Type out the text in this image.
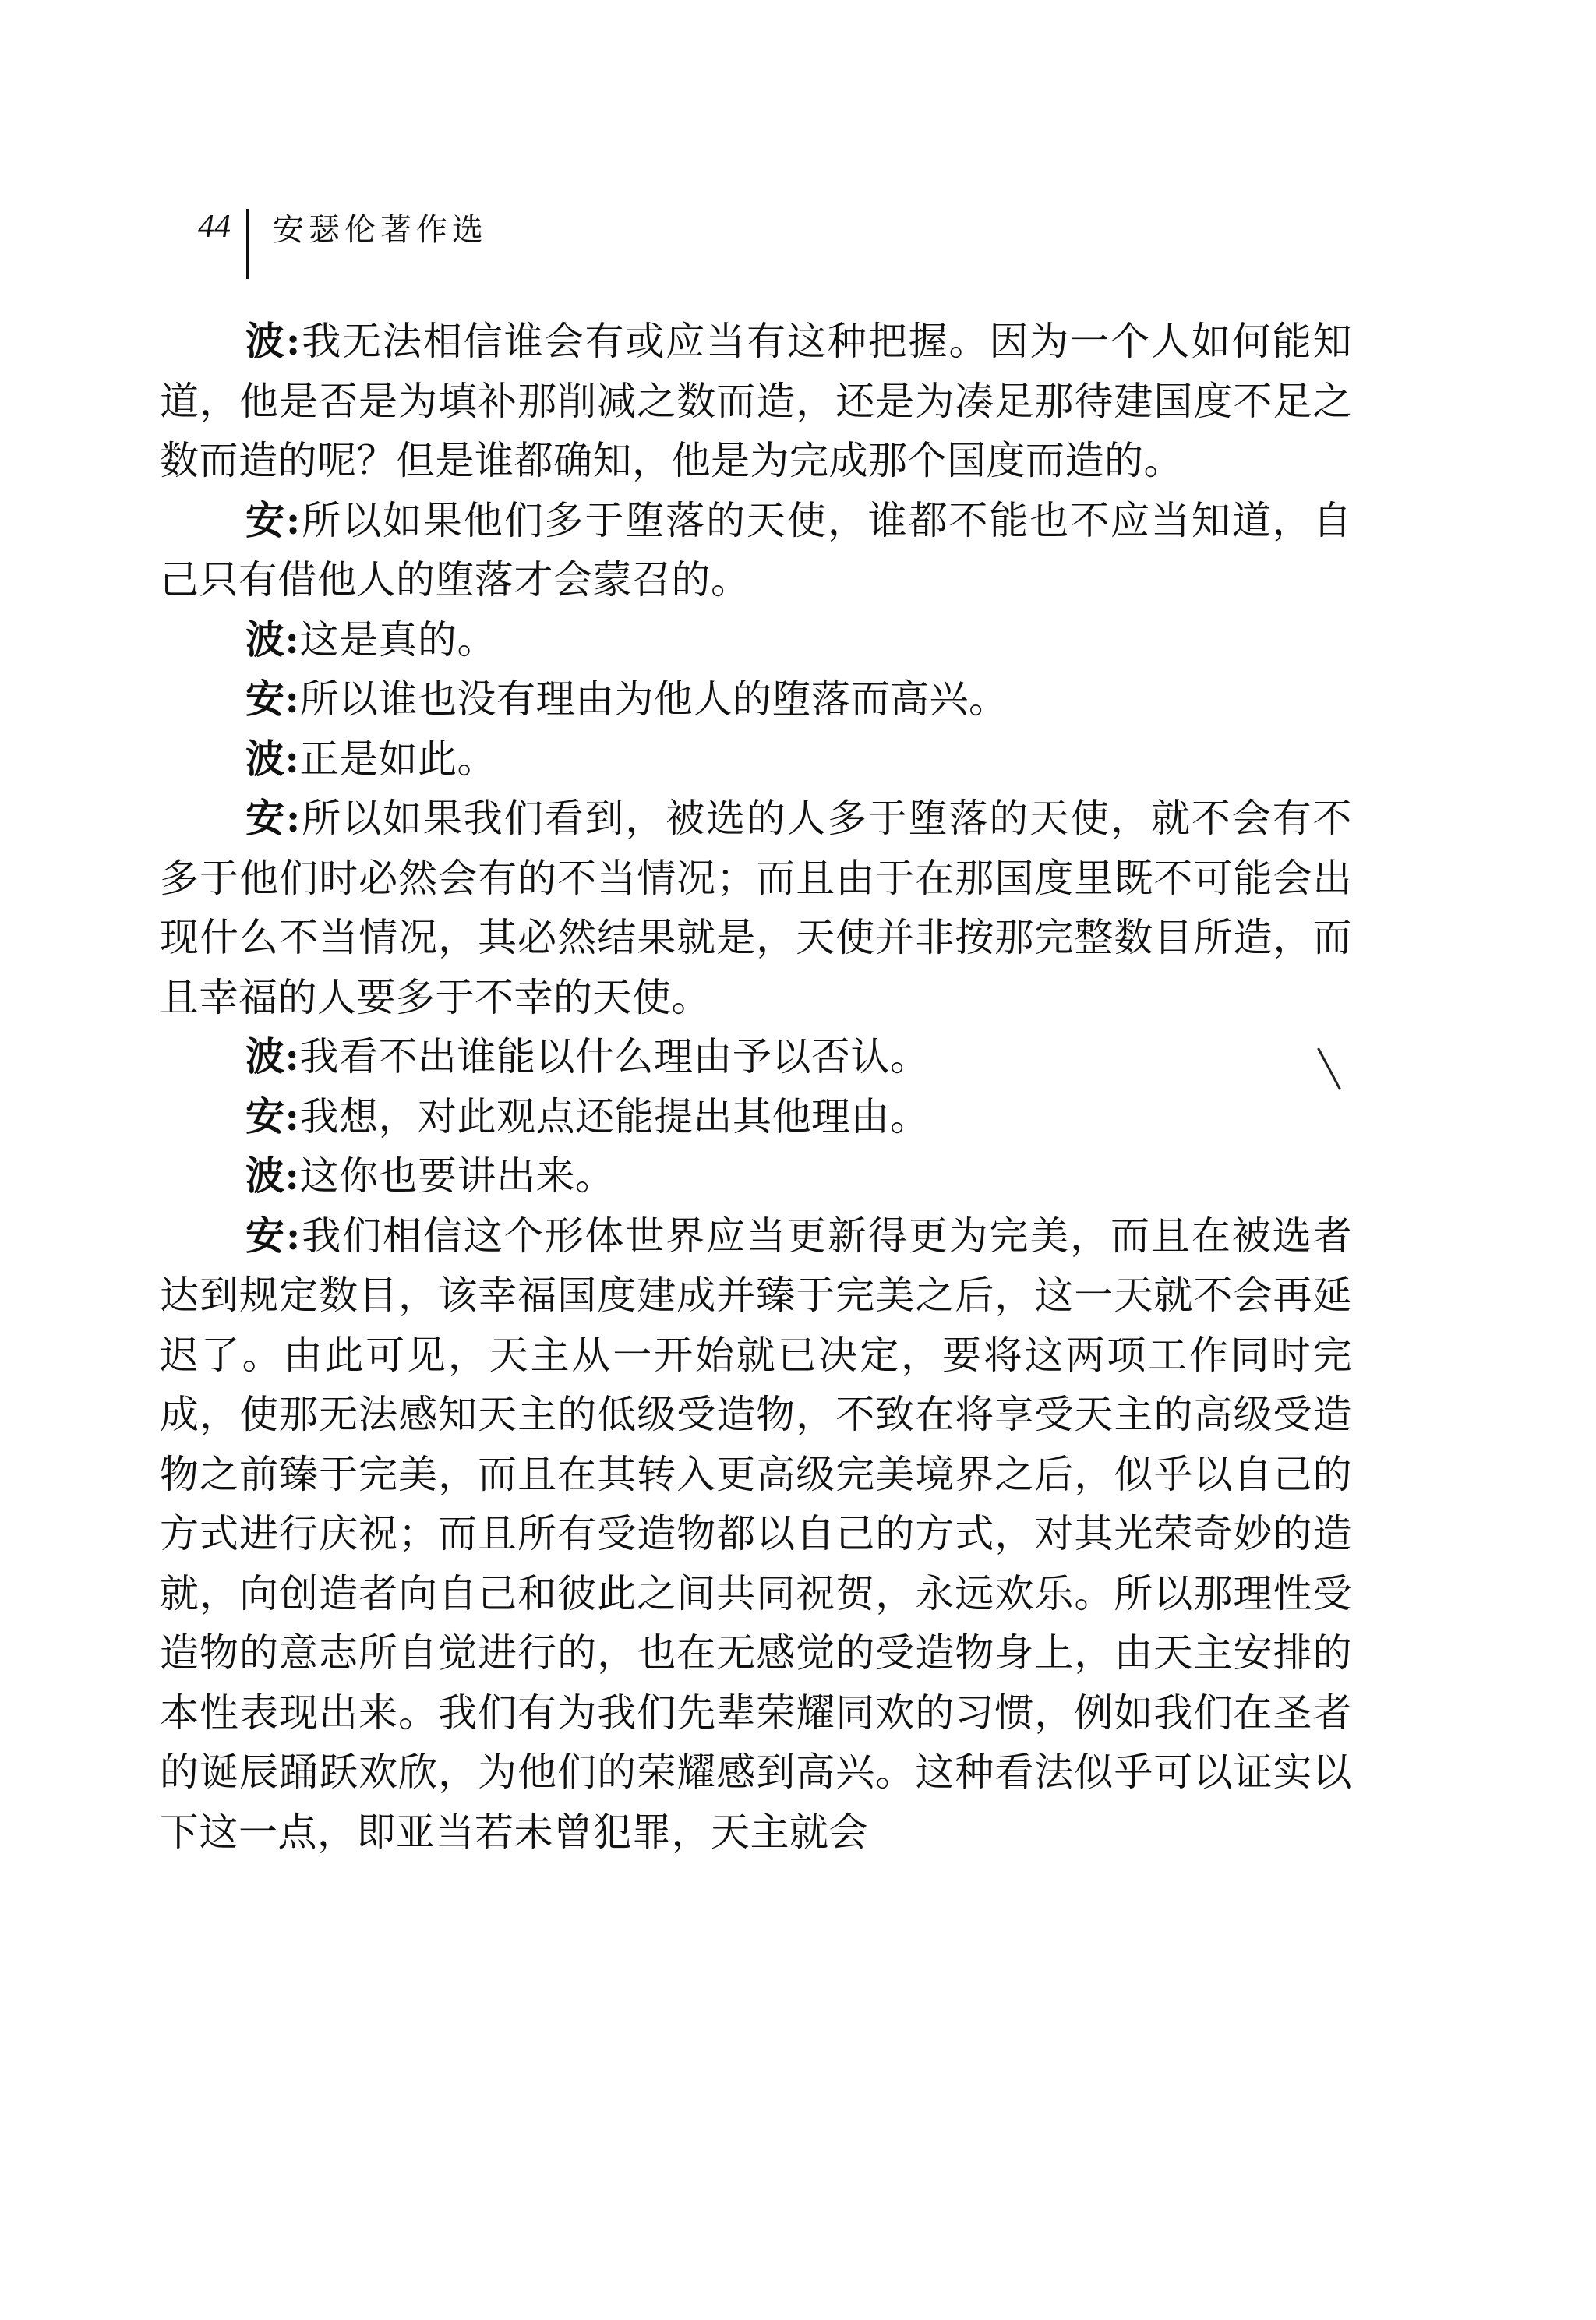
44 安瑟伦著作选

波:我无法相信谁会有或应当有这种把握。因为一个人如何能知道，他是否是为填补那削减之数而造，还是为凑足那待建国度不足之数而造的呢？但是谁都确知，他是为完成那个国度而造的。

安:所以如果他们多于堕落的天使，谁都不能也不应当知道，自己只有借他人的堕落才会蒙召的。

波:这是真的。

安:所以谁也没有理由为他人的堕落而高兴。

波:正是如此。

安:所以如果我们看到，被选的人多于堕落的天使，就不会有不多于他们时必然会有的不当情况；而且由于在那国度里既不可能会出现什么不当情况，其必然结果就是，天使并非按那完整数目所造，而且幸福的人要多于不幸的天使。

波:我看不出谁能以什么理由予以否认。

安:我想，对此观点还能提出其他理由。

波:这你也要讲出来。

安:我们相信这个形体世界应当更新得更为完美，而且在被选者达到规定数目，该幸福国度建成并臻于完美之后，这一天就不会再延迟了。由此可见，天主从一开始就已决定，要将这两项工作同时完成，使那无法感知天主的低级受造物，不致在将享受天主的高级受造物之前臻于完美，而且在其转入更高级完美境界之后，似乎以自己的方式进行庆祝；而且所有受造物都以自己的方式，对其光荣奇妙的造就，向创造者向自己和彼此之间共同祝贺，永远欢乐。所以那理性受造物的意志所自觉进行的，也在无感觉的受造物身上，由天主安排的本性表现出来。我们有为我们先辈荣耀同欢的习惯，例如我们在圣者的诞辰踊跃欢欣，为他们的荣耀感到高兴。这种看法似乎可以证实以下这一点，即亚当若未曾犯罪，天主就会
